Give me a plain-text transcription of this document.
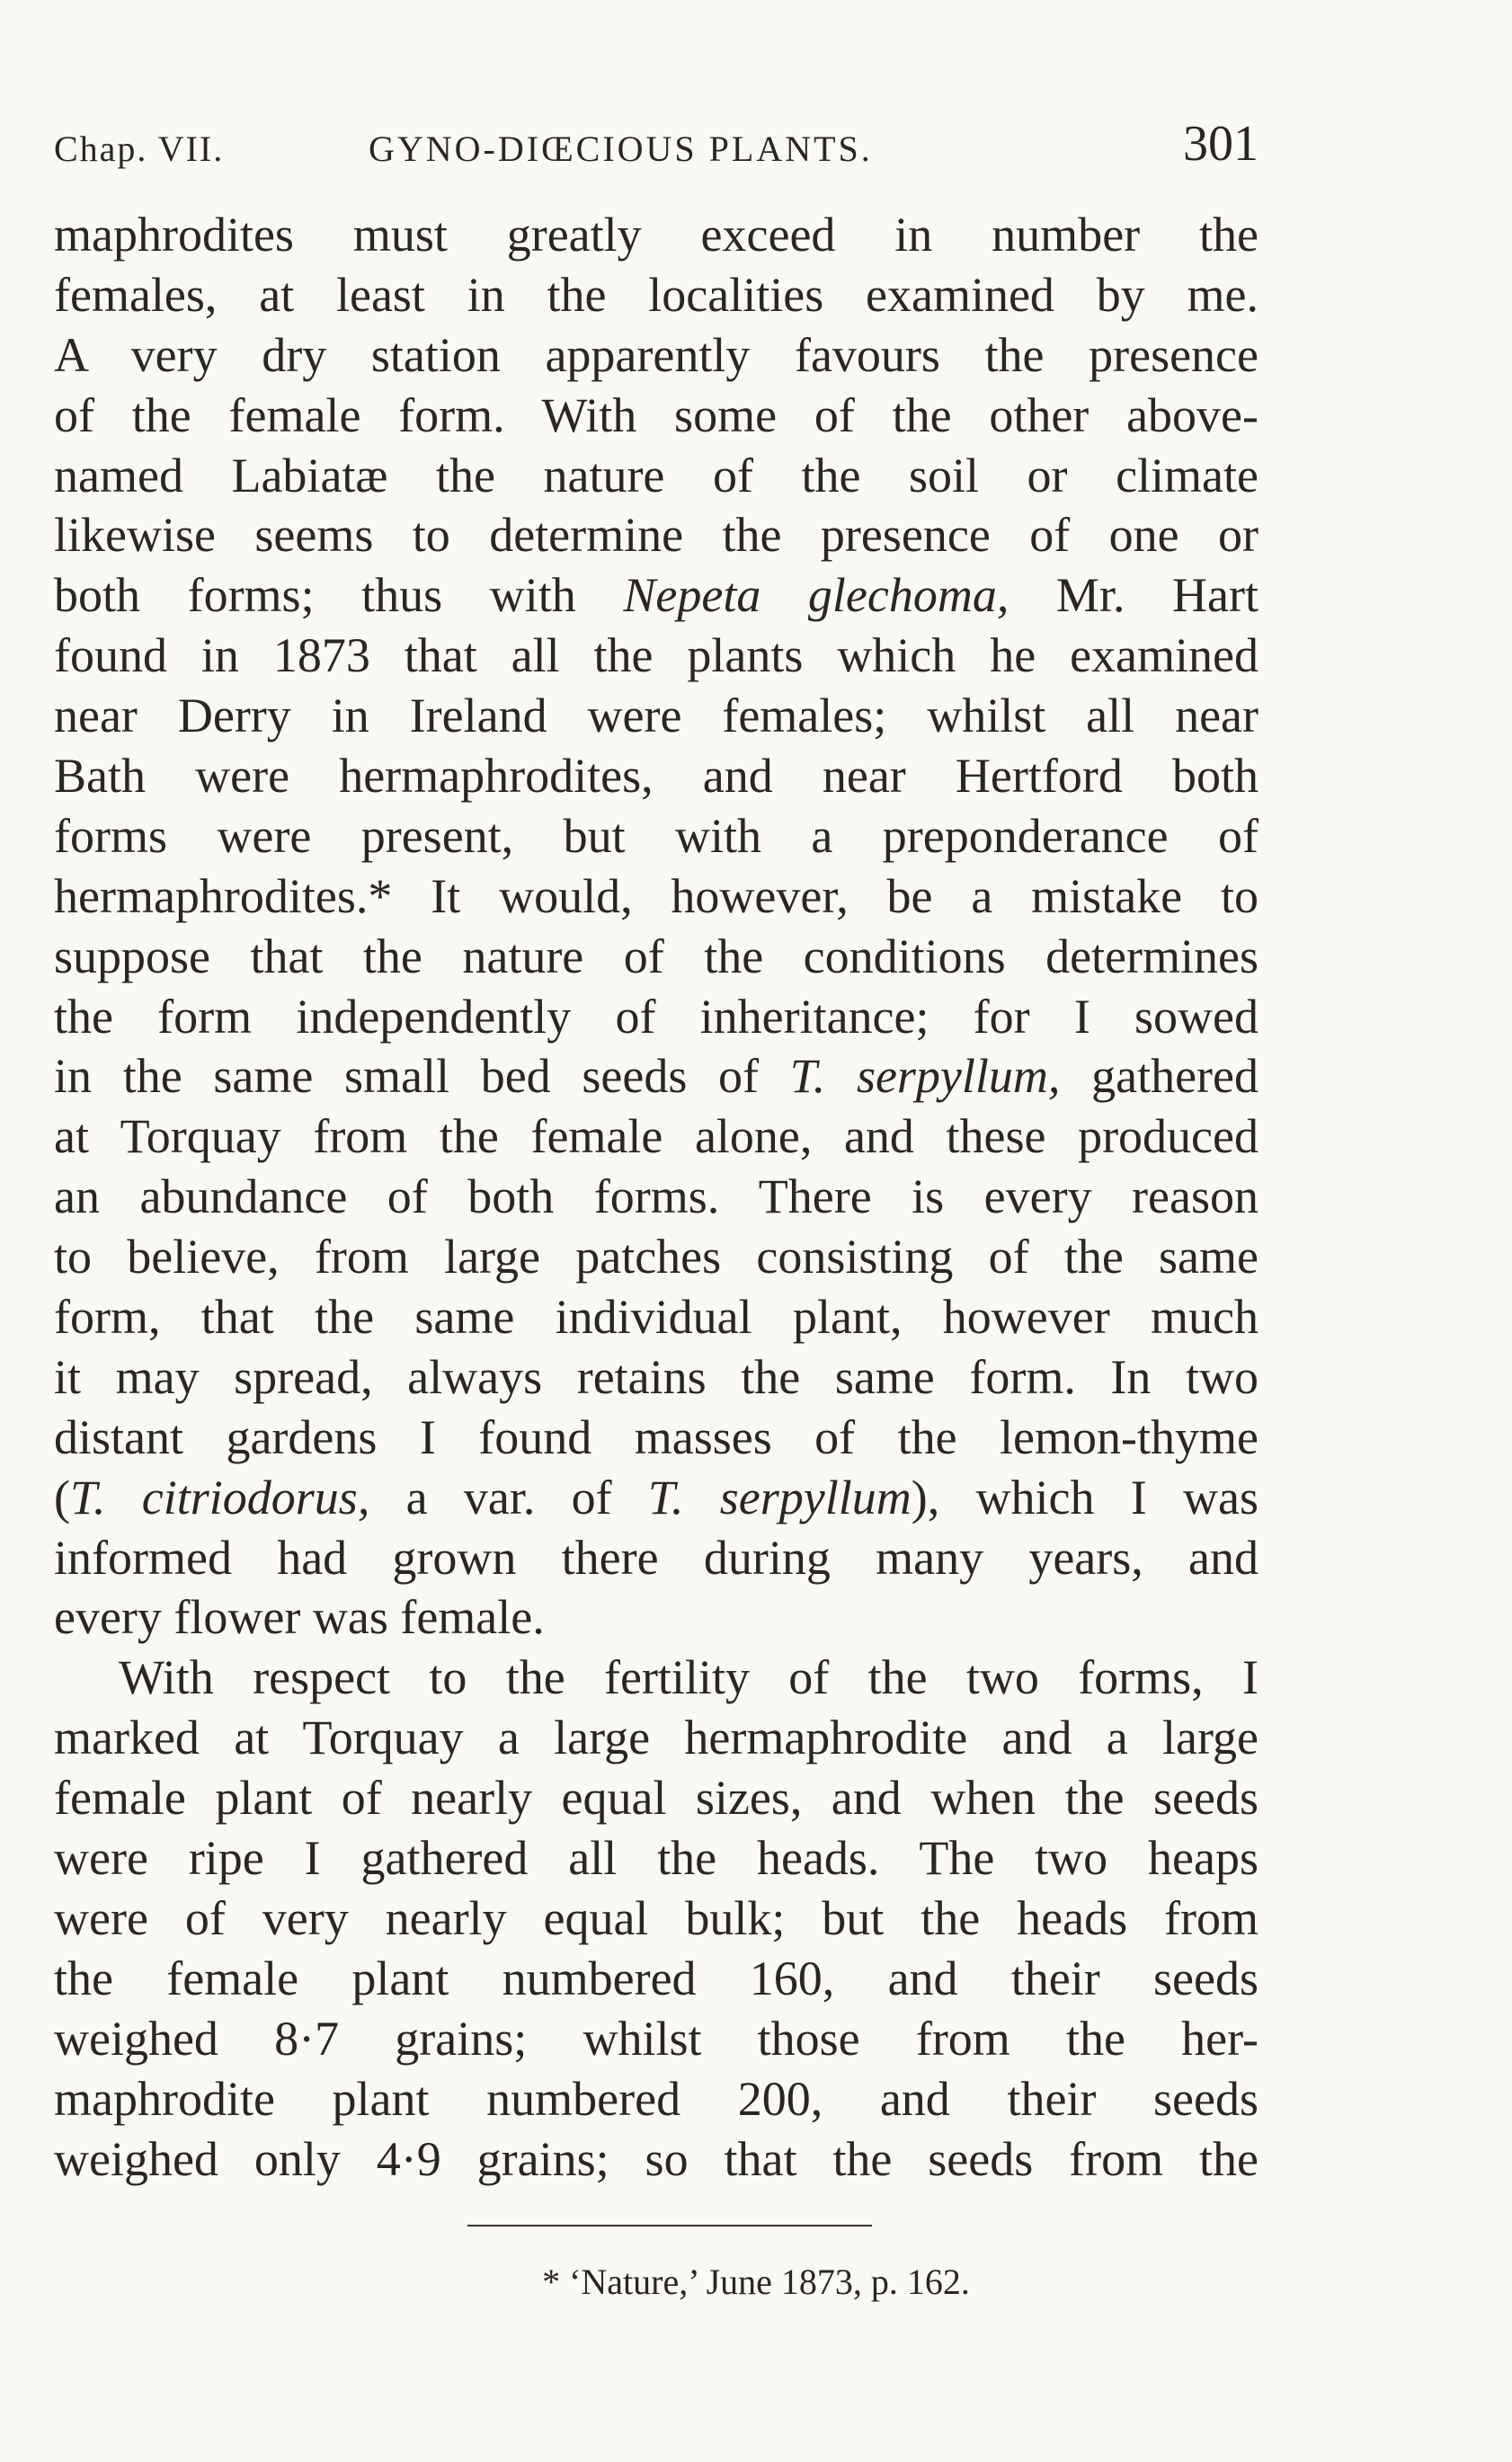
Chap. VII.	GYNO-DIŒCIOUS PLANTS.	301
maphrodites must greatly exceed in number the
females, at least in the localities examined by me.
A very dry station apparently favours the presence
of the female form. With some of the other above-
named Labiatæ the nature of the soil or climate
likewise seems to determine the presence of one or
both forms; thus with Nepeta glechoma, Mr. Hart
found in 1873 that all the plants which he examined
near Derry in Ireland were females; whilst all near
Bath were hermaphrodites, and near Hertford both
forms were present, but with a preponderance of
hermaphrodites.* It would, however, be a mistake to
suppose that the nature of the conditions determines
the form independently of inheritance; for I sowed
in the same small bed seeds of T. serpyllum, gathered
at Torquay from the female alone, and these produced
an abundance of both forms. There is every reason
to believe, from large patches consisting of the same
form, that the same individual plant, however much
it may spread, always retains the same form. In two
distant gardens I found masses of the lemon-thyme
(T. citriodorus, a var. of T. serpyllum), which I was
informed had grown there during many years, and
every flower was female.
With respect to the fertility of the two forms, I
marked at Torquay a large hermaphrodite and a large
female plant of nearly equal sizes, and when the seeds
were ripe I gathered all the heads. The two heaps
were of very nearly equal bulk; but the heads from
the female plant numbered 160, and their seeds
weighed 8·7 grains; whilst those from the her-
maphrodite plant numbered 200, and their seeds
weighed only 4·9 grains; so that the seeds from the
* ‘Nature,’ June 1873, p. 162.
